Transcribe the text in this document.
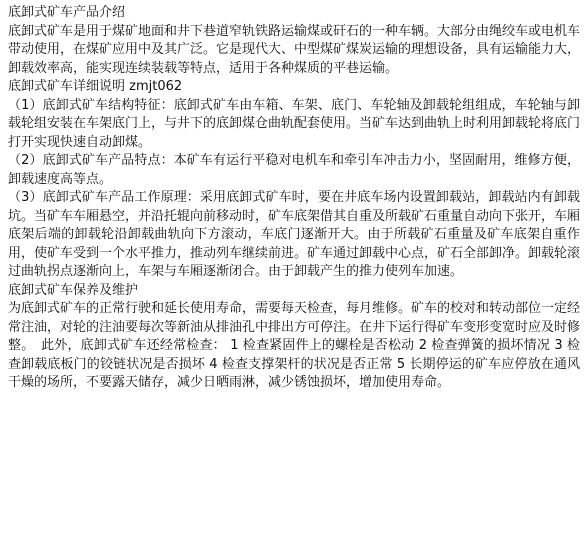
底卸式矿车产品介绍

底卸式矿车是用于煤矿地面和井下巷道窄轨铁路运输煤或矸石的一种车辆。大部分由绳绞车或电机车带动使用，在煤矿应用中及其广泛。它是现代大、中型煤矿煤炭运输的理想设备，具有运输能力大，卸载效率高，能实现连续装载等特点，适用于各种煤质的平巷运输。

底卸式矿车详细说明 zmjt062

（1）底卸式矿车结构特征：底卸式矿车由车箱、车架、底门、车轮轴及卸载轮组组成，车轮轴与卸载轮组安装在车架底门上，与井下的底卸煤仓曲轨配套使用。当矿车达到曲轨上时利用卸载轮将底门打开实现快速自动卸煤。

（2）底卸式矿车产品特点：本矿车有运行平稳对电机车和牵引车冲击力小，坚固耐用，维修方便，卸载速度高等点。

（3）底卸式矿车产品工作原理：采用底卸式矿车时，要在井底车场内设置卸载站，卸载站内有卸载坑。当矿车车厢悬空，并沿托辊向前移动时，矿车底架借其自重及所载矿石重量自动向下张开，车厢底架后端的卸载轮沿卸载曲轨向下方滚动，车底门逐渐开大。由于所载矿石重量及矿车底架自重作用，使矿车受到一个水平推力，推动列车继续前进。矿车通过卸载中心点，矿石全部卸净。卸载轮滚过曲轨拐点逐渐向上，车架与车厢逐渐闭合。由于卸载产生的推力使列车加速。

底卸式矿车保养及维护

为底卸式矿车的正常行驶和延长使用寿命，需要每天检查，每月维修。矿车的校对和转动部位一定经常注油，对轮的注油要每次等新油从排油孔中排出方可停注。在井下运行得矿车变形变宽时应及时修整。　此外，底卸式矿车还经常检查： 1 检查紧固件上的螺栓是否松动 2 检查弹簧的损坏情况 3 检查卸载底板门的铰链状况是否损坏 4 检查支撑架杆的状况是否正常 5 长期停运的矿车应停放在通风干燥的场所，不要露天储存，减少日晒雨淋，减少锈蚀损坏，增加使用寿命。
